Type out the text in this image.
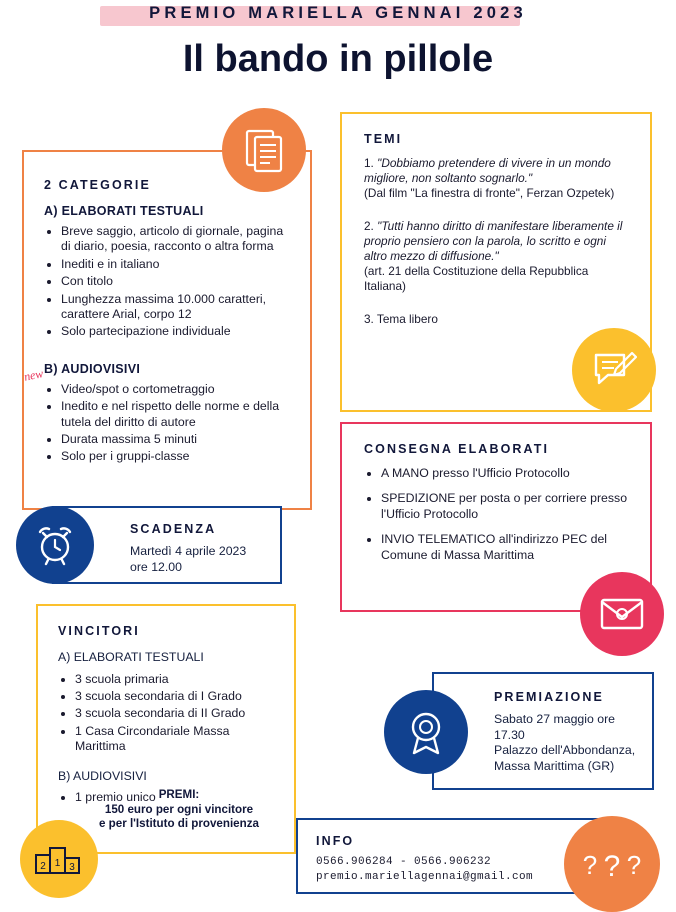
PREMIO MARIELLA GENNAI 2023
Il bando in pillole
2 CATEGORIE
A) ELABORATI TESTUALI
• Breve saggio, articolo di giornale, pagina di diario, poesia, racconto o altra forma
• Inediti e in italiano
• Con titolo
• Lunghezza massima 10.000 caratteri, carattere Arial, corpo 12
• Solo partecipazione individuale
B) AUDIOVISIVI
• Video/spot o cortometraggio
• Inedito e nel rispetto delle norme e della tutela del diritto di autore
• Durata massima 5 minuti
• Solo per i gruppi-classe
new
TEMI

1. "Dobbiamo pretendere di vivere in un mondo migliore, non soltanto sognarlo."
(Dal film "La finestra di fronte", Ferzan Ozpetek)

2. "Tutti hanno diritto di manifestare liberamente il proprio pensiero con la parola, lo scritto e ogni altro mezzo di diffusione."
(art. 21 della Costituzione della Repubblica Italiana)

3. Tema libero

SCADENZA
Martedì 4 aprile 2023
ore 12.00
CONSEGNA ELABORATI
• A MANO presso l'Ufficio Protocollo
• SPEDIZIONE per posta o per corriere presso l'Ufficio Protocollo
• INVIO TELEMATICO all'indirizzo PEC del Comune di Massa Marittima
VINCITORI
A) ELABORATI TESTUALI
• 3 scuola primaria
• 3 scuola secondaria di I Grado
• 3 scuola secondaria di II Grado
• 1 Casa Circondariale Massa Marittima
B) AUDIOVISIVI
• 1 premio unico PREMI:
150 euro per ogni vincitore
e per l'Istituto di provenienza
2 1 3
PREMIAZIONE
Sabato 27 maggio ore 17.30
Palazzo dell'Abbondanza,
Massa Marittima (GR)
INFO
0566.906284 - 0566.906232
premio.mariellagennai@gmail.com	? ? ?
